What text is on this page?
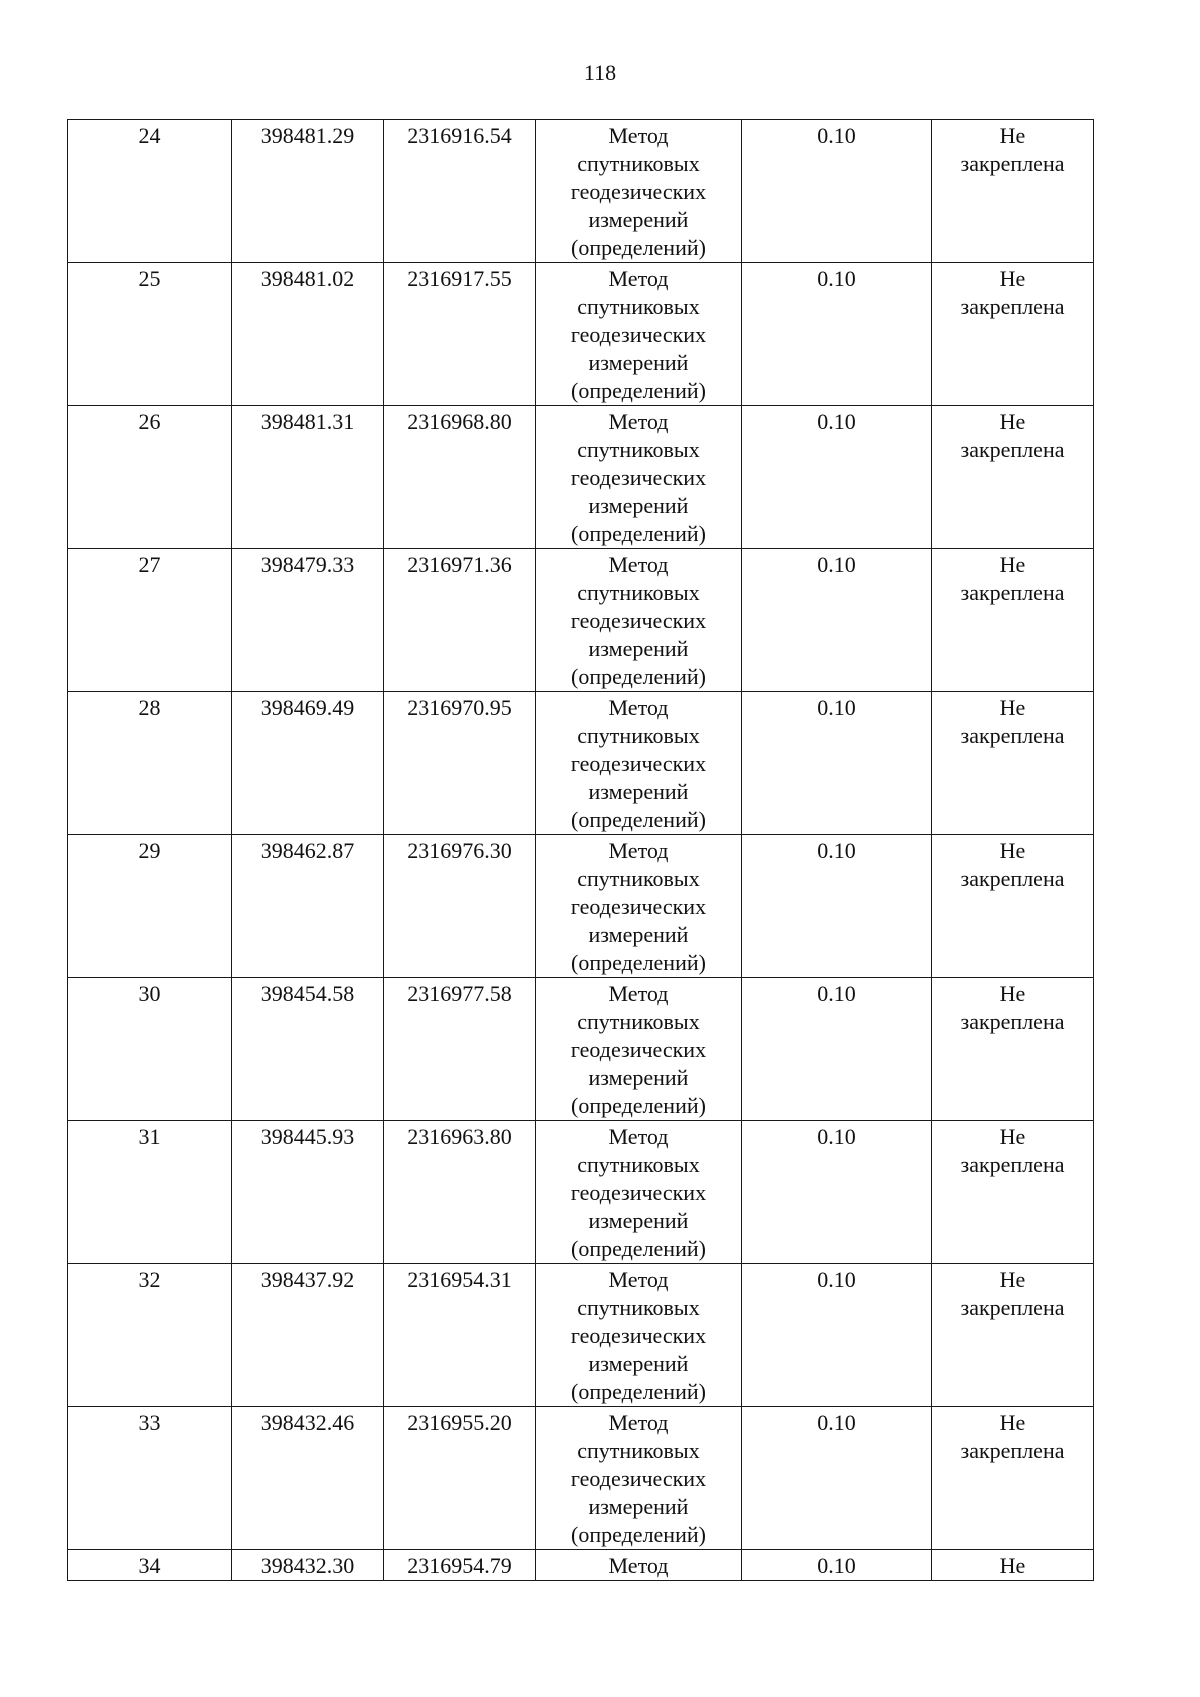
118
24	398481.29	2316916.54	Метод
спутниковых
геодезических
измерений
(определений)	0.10	Не
закреплена

25	398481.02	2316917.55	Метод
спутниковых
геодезических
измерений
(определений)	0.10	Не
закреплена

26	398481.31	2316968.80	Метод
спутниковых
геодезических
измерений
(определений)	0.10	Не
закреплена

27	398479.33	2316971.36	Метод
спутниковых
геодезических
измерений
(определений)	0.10	Не
закреплена

28	398469.49	2316970.95	Метод
спутниковых
геодезических
измерений
(определений)	0.10	Не
закреплена

29	398462.87	2316976.30	Метод
спутниковых
геодезических
измерений
(определений)	0.10	Не
закреплена

30	398454.58	2316977.58	Метод
спутниковых
геодезических
измерений
(определений)	0.10	Не
закреплена

31	398445.93	2316963.80	Метод
спутниковых
геодезических
измерений
(определений)	0.10	Не
закреплена

32	398437.92	2316954.31	Метод
спутниковых
геодезических
измерений
(определений)	0.10	Не
закреплена

33	398432.46	2316955.20	Метод
спутниковых
геодезических
измерений
(определений)	0.10	Не
закреплена

34	398432.30	2316954.79	Метод	0.10	Не
